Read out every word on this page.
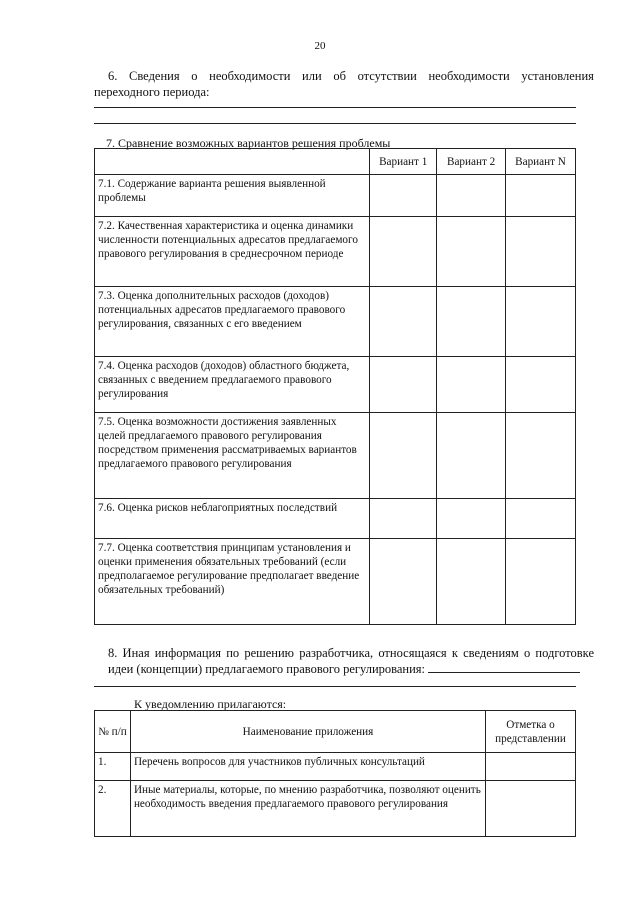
20
6. Сведения о необходимости или об отсутствии необходимости установления
переходного периода:
7. Сравнение возможных вариантов решения проблемы
	Вариант 1	Вариант 2	Вариант N
7.1. Содержание варианта решения выявленной проблемы			
7.2. Качественная характеристика и оценка динамики численности потенциальных адресатов предлагаемого правового регулирования в среднесрочном периоде			
7.3. Оценка дополнительных расходов (доходов) потенциальных адресатов предлагаемого правового регулирования, связанных с его введением			
7.4. Оценка расходов (доходов) областного бюджета, связанных с введением предлагаемого правового регулирования			
7.5. Оценка возможности достижения заявленных целей предлагаемого правового регулирования посредством применения рассматриваемых вариантов предлагаемого правового регулирования			
7.6. Оценка рисков неблагоприятных последствий			
7.7. Оценка соответствия принципам установления и оценки применения обязательных требований (если предполагаемое регулирование предполагает введение обязательных требований)			
8. Иная информация по решению разработчика, относящаяся к сведениям о подготовке идеи (концепции) предлагаемого правового регулирования:
К уведомлению прилагаются:
№ п/п	Наименование приложения	Отметка о представлении
1.	Перечень вопросов для участников публичных консультаций	
2.	Иные материалы, которые, по мнению разработчика, позволяют оценить необходимость введения предлагаемого правового регулирования	
